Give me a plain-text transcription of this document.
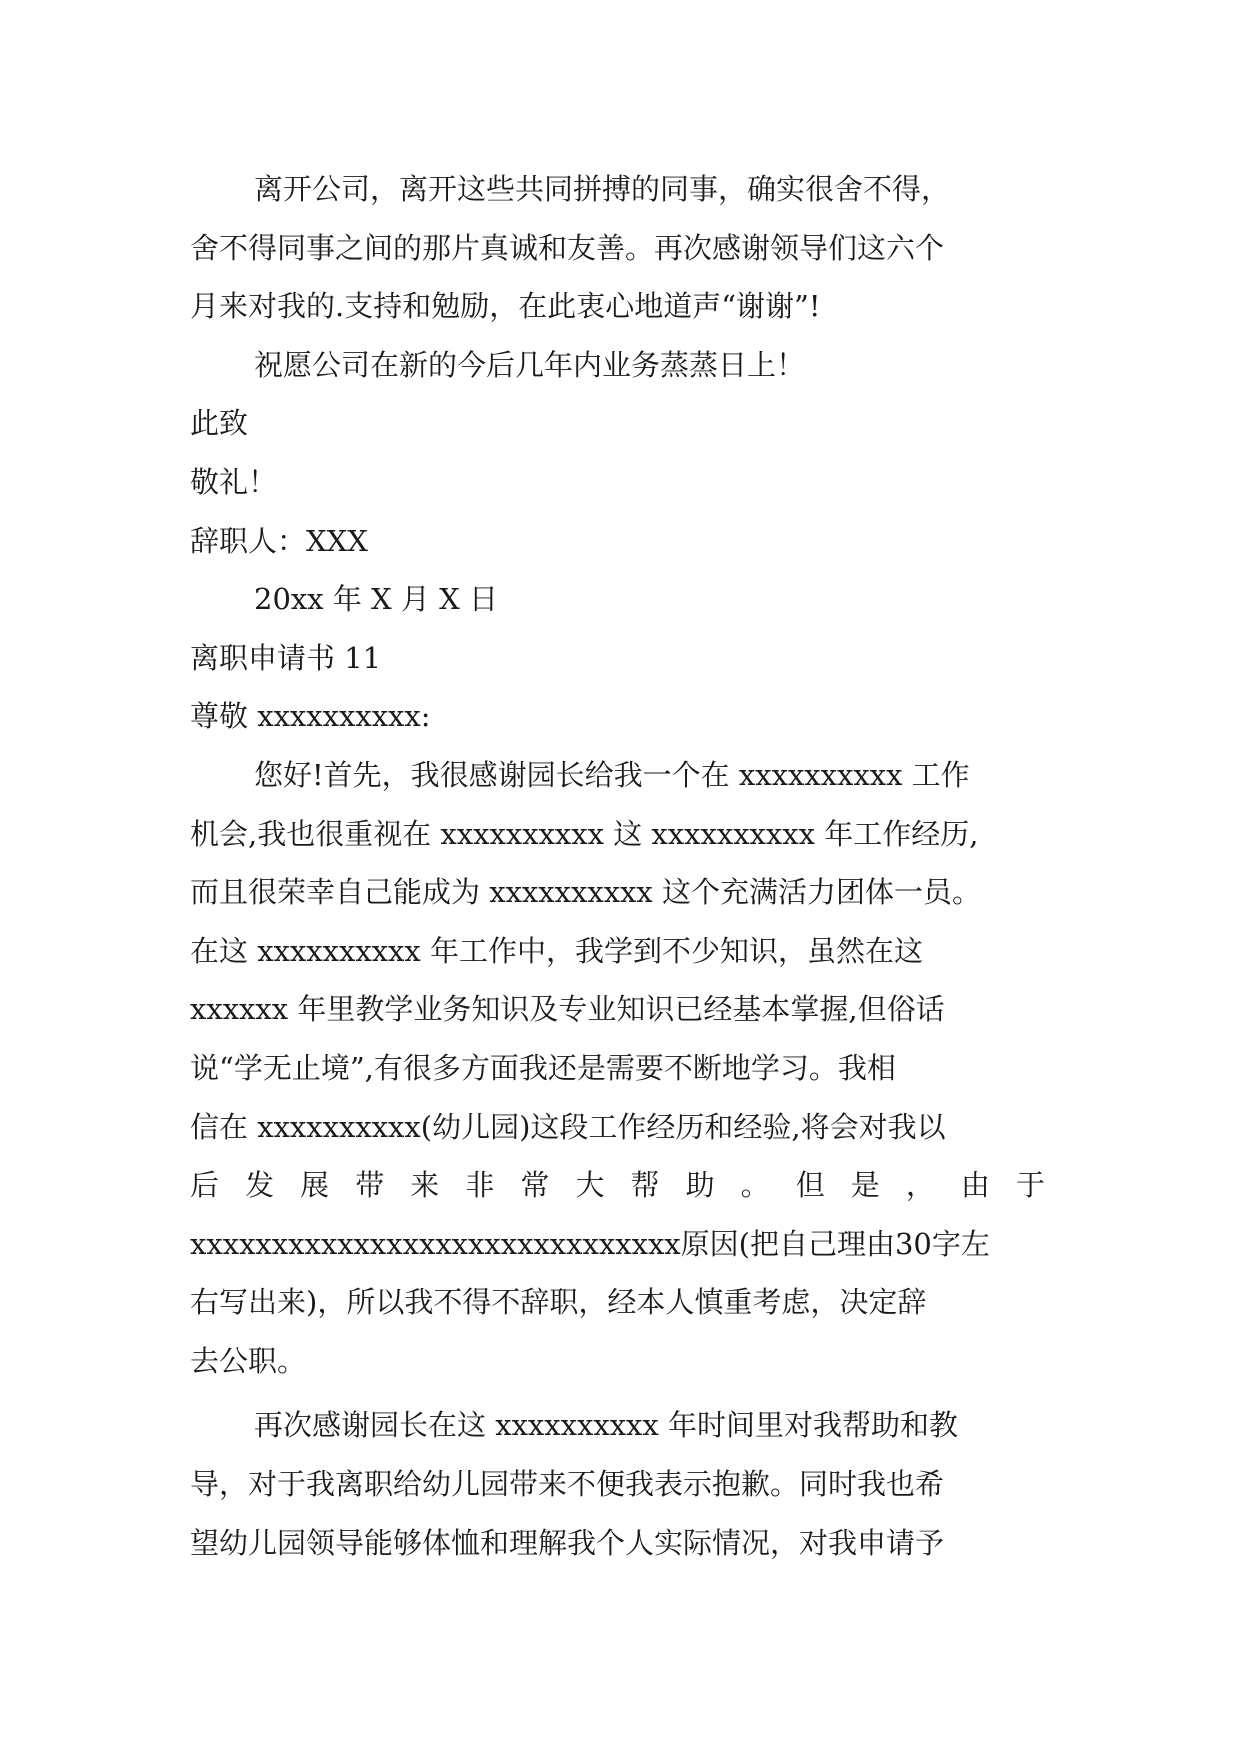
离开公司，离开这些共同拼搏的同事，确实很舍不得，
舍不得同事之间的那片真诚和友善。再次感谢领导们这六个
月来对我的.支持和勉励，在此衷心地道声“谢谢”!
祝愿公司在新的今后几年内业务蒸蒸日上！
此致
敬礼！
辞职人：XXX
20xx 年 X 月 X 日
离职申请书 11
尊敬 xxxxxxxxxx:
您好!首先，我很感谢园长给我一个在 xxxxxxxxxx 工作
机会,我也很重视在 xxxxxxxxxx 这 xxxxxxxxxx 年工作经历,
而且很荣幸自己能成为 xxxxxxxxxx 这个充满活力团体一员。
在这 xxxxxxxxxx 年工作中，我学到不少知识，虽然在这
xxxxxx 年里教学业务知识及专业知识已经基本掌握,但俗话
说“学无止境”,有很多方面我还是需要不断地学习。我相
信在 xxxxxxxxxx(幼儿园)这段工作经历和经验,将会对我以
后 发 展 带 来 非 常 大 帮 助 。 但 是 ， 由 于
xxxxxxxxxxxxxxxxxxxxxxxxxxxxxx原因(把自己理由30字左
右写出来)，所以我不得不辞职，经本人慎重考虑，决定辞
去公职。
再次感谢园长在这 xxxxxxxxxx 年时间里对我帮助和教
导，对于我离职给幼儿园带来不便我表示抱歉。同时我也希
望幼儿园领导能够体恤和理解我个人实际情况，对我申请予
